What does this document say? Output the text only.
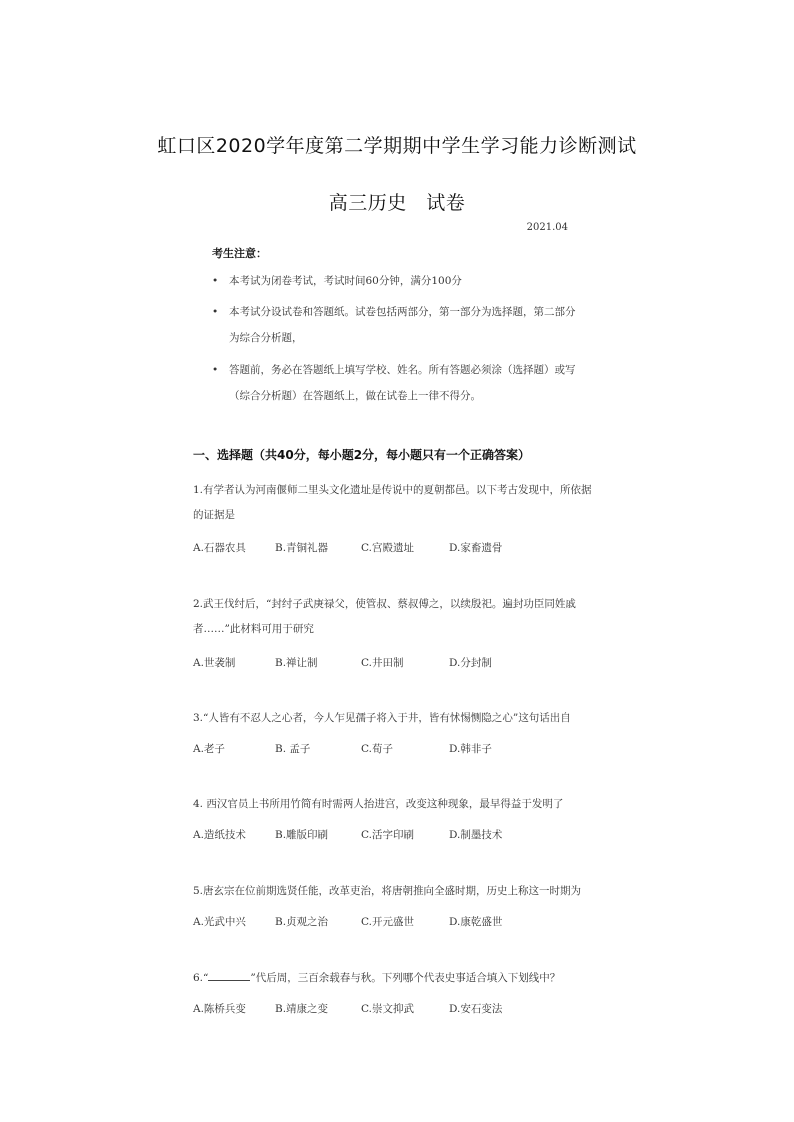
虹口区2020学年度第二学期期中学生学习能力诊断测试
高三历史   试卷
2021.04
考生注意：
• 本考试为闭卷考试，考试时间60分钟，满分100分
• 本考试分设试卷和答题纸。试卷包括两部分，第一部分为选择题，第二部分为综合分析题，
• 答题前，务必在答题纸上填写学校、姓名。所有答题必须涂（选择题）或写（综合分析题）在答题纸上，做在试卷上一律不得分。
一、选择题（共40分，每小题2分，每小题只有一个正确答案）
1.有学者认为河南偃师二里头文化遗址是传说中的夏朝都邑。以下考古发现中，所依据的证据是
A.石器农具	B.青铜礼器	C.宫殿遗址	D.家畜遗骨
2.武王伐纣后，“封纣子武庚禄父，使管叔、蔡叔傅之，以续殷祀。遍封功臣同姓戚者……”此材料可用于研究
A.世袭制	B.禅让制	C.井田制	D.分封制
3.“人皆有不忍人之心者，今人乍见孺子将入于井，皆有怵惕恻隐之心”这句话出自
A.老子	B. 孟子	C.荀子	D.韩非子
4. 西汉官员上书所用竹简有时需两人抬进宫，改变这种现象，最早得益于发明了
A.造纸技术	B.雕版印刷	C.活字印刷	D.制墨技术
5.唐玄宗在位前期选贤任能，改革吏治，将唐朝推向全盛时期，历史上称这一时期为
A.光武中兴	B.贞观之治	C.开元盛世	D.康乾盛世
6.“	”代后周，三百余载春与秋。下列哪个代表史事适合填入下划线中？
A.陈桥兵变	B.靖康之变	C.崇文抑武	D.安石变法
